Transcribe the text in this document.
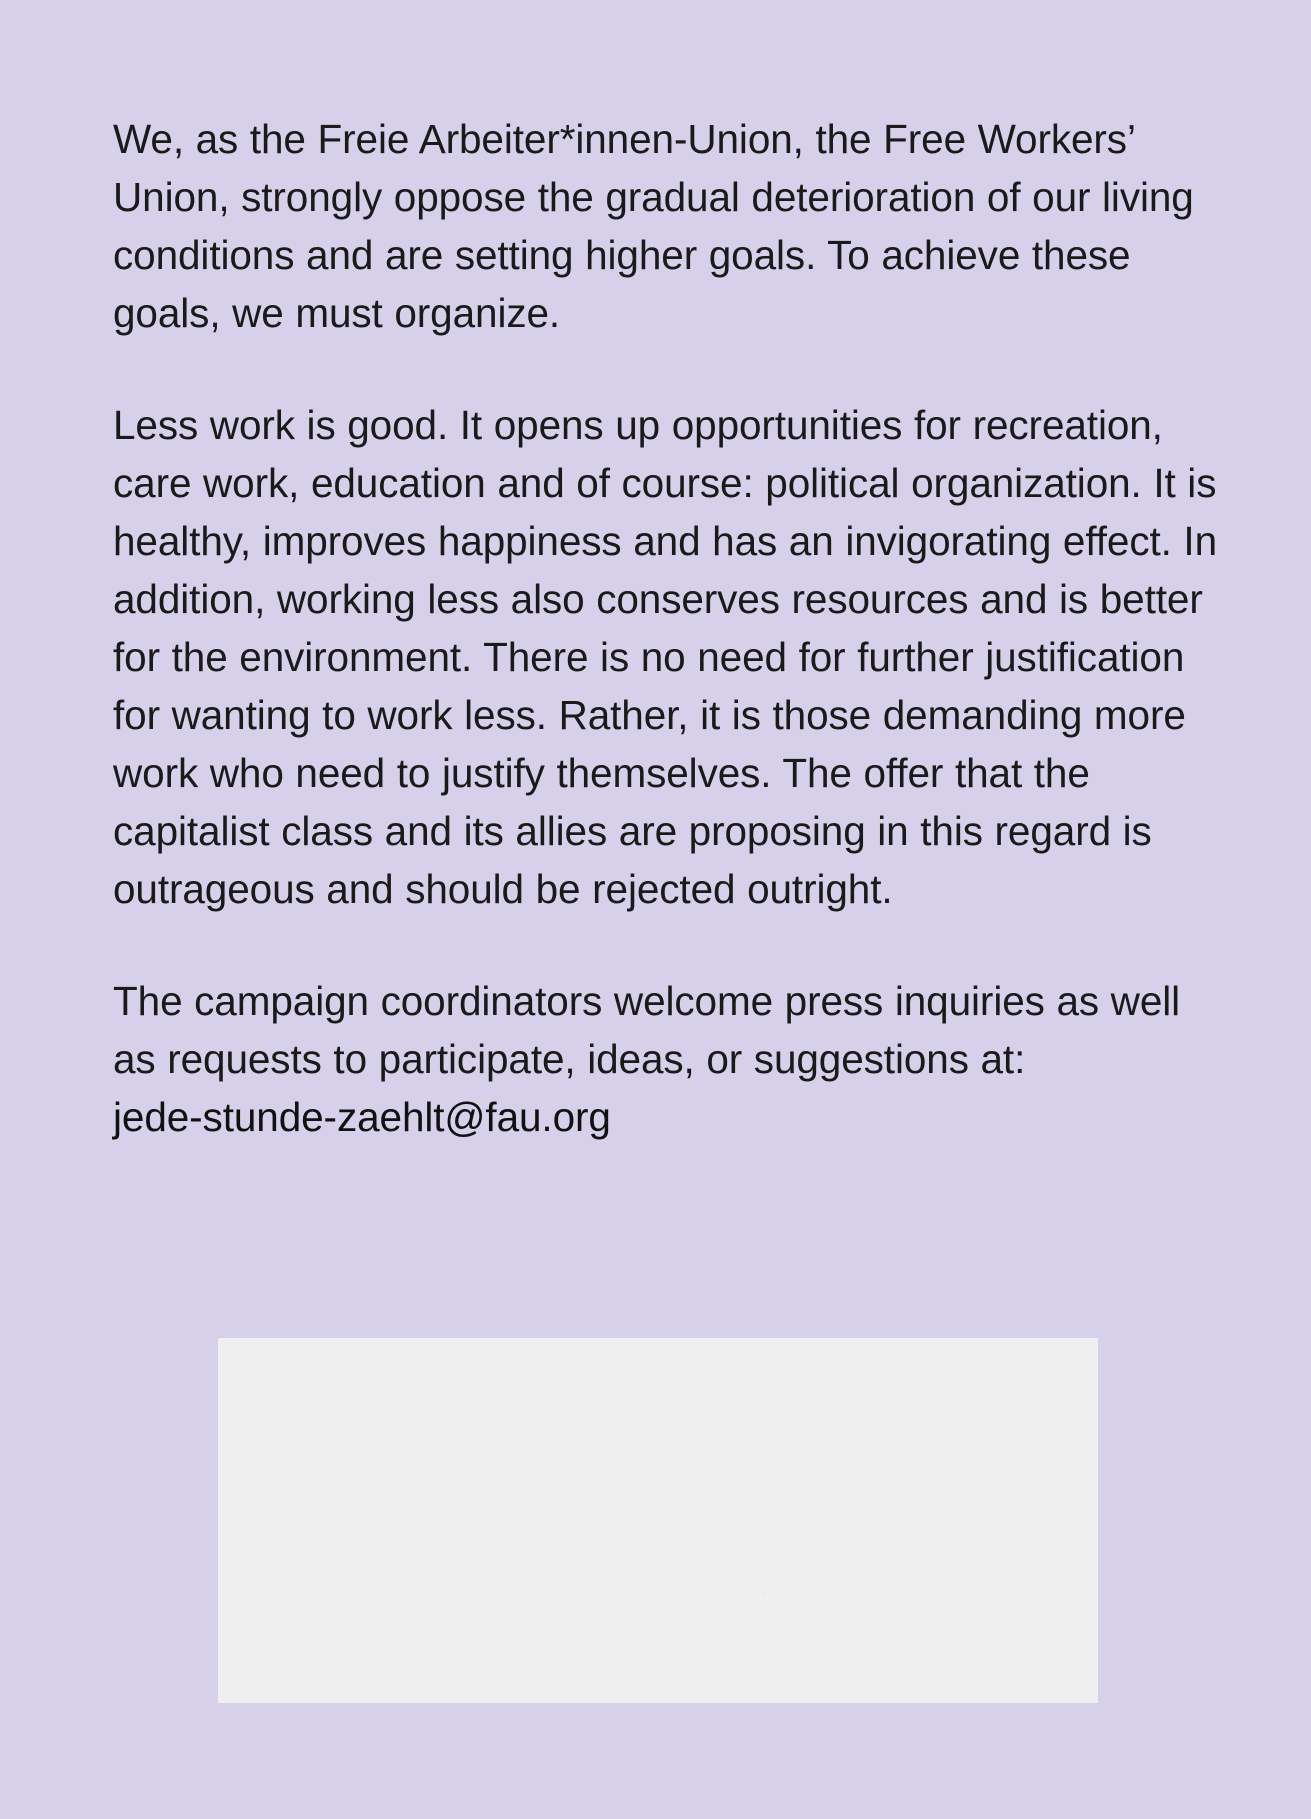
We, as the Freie Arbeiter*innen-Union, the Free Workers’ Union, strongly oppose the gradual deterioration of our living conditions and are setting higher goals. To achieve these goals, we must organize.

Less work is good. It opens up opportunities for recreation, care work, education and of course: political organization. It is healthy, improves happiness and has an invigorating effect. In addition, working less also conserves resources and is better for the environment. There is no need for further justification for wanting to work less. Rather, it is those demanding more work who need to justify themselves. The offer that the capitalist class and its allies are proposing in this regard is outrageous and should be rejected outright.

The campaign coordinators welcome press inquiries as well as requests to participate, ideas, or suggestions at:
jede-stunde-zaehlt@fau.org
